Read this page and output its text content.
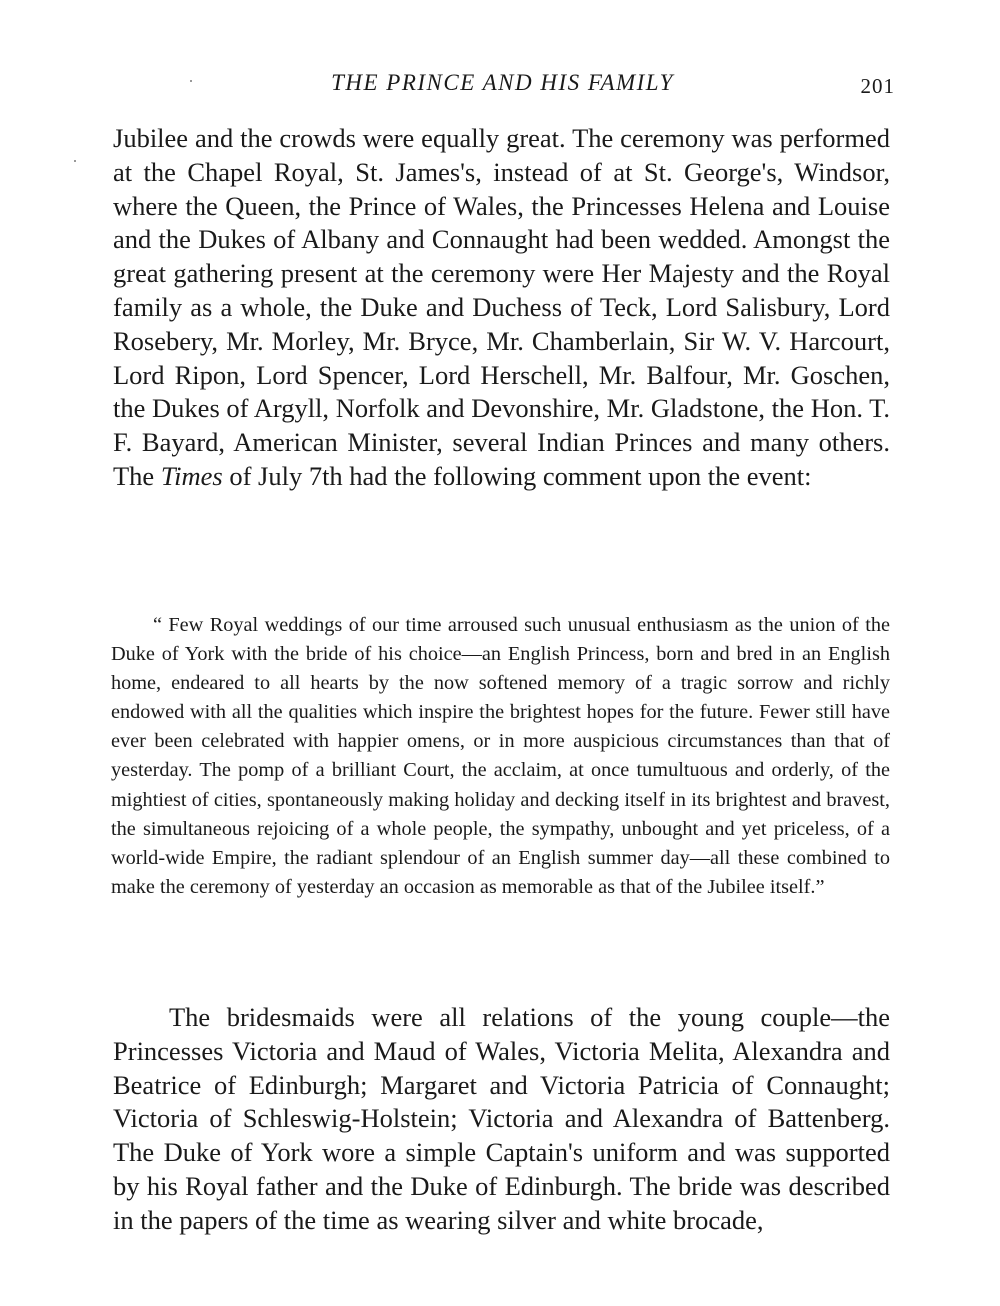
THE PRINCE AND HIS FAMILY	201

Jubilee and the crowds were equally great. The ceremony was performed at the Chapel Royal, St. James's, instead of at St. George's, Windsor, where the Queen, the Prince of Wales, the Princesses Helena and Louise and the Dukes of Albany and Connaught had been wedded. Amongst the great gathering present at the ceremony were Her Majesty and the Royal family as a whole, the Duke and Duchess of Teck, Lord Salisbury, Lord Rosebery, Mr. Morley, Mr. Bryce, Mr. Chamberlain, Sir W. V. Harcourt, Lord Ripon, Lord Spencer, Lord Herschell, Mr. Balfour, Mr. Goschen, the Dukes of Argyll, Norfolk and Devonshire, Mr. Gladstone, the Hon. T. F. Bayard, American Minister, several Indian Princes and many others. The Times of July 7th had the following comment upon the event:

“ Few Royal weddings of our time arroused such unusual enthusiasm as the union of the Duke of York with the bride of his choice—an English Princess, born and bred in an English home, endeared to all hearts by the now softened memory of a tragic sorrow and richly endowed with all the qualities which inspire the brightest hopes for the future. Fewer still have ever been celebrated with happier omens, or in more auspicious circumstances than that of yesterday. The pomp of a brilliant Court, the acclaim, at once tumultuous and orderly, of the mightiest of cities, spontaneously making holiday and decking itself in its brightest and bravest, the simultaneous rejoicing of a whole people, the sympathy, unbought and yet priceless, of a world-wide Empire, the radiant splendour of an English summer day—all these combined to make the ceremony of yesterday an occasion as memorable as that of the Jubilee itself.”

The bridesmaids were all relations of the young couple—the Princesses Victoria and Maud of Wales, Victoria Melita, Alexandra and Beatrice of Edinburgh; Margaret and Victoria Patricia of Connaught; Victoria of Schleswig-Holstein; Victoria and Alexandra of Battenberg. The Duke of York wore a simple Captain's uniform and was supported by his Royal father and the Duke of Edinburgh. The bride was described in the papers of the time as wearing silver and white brocade,
